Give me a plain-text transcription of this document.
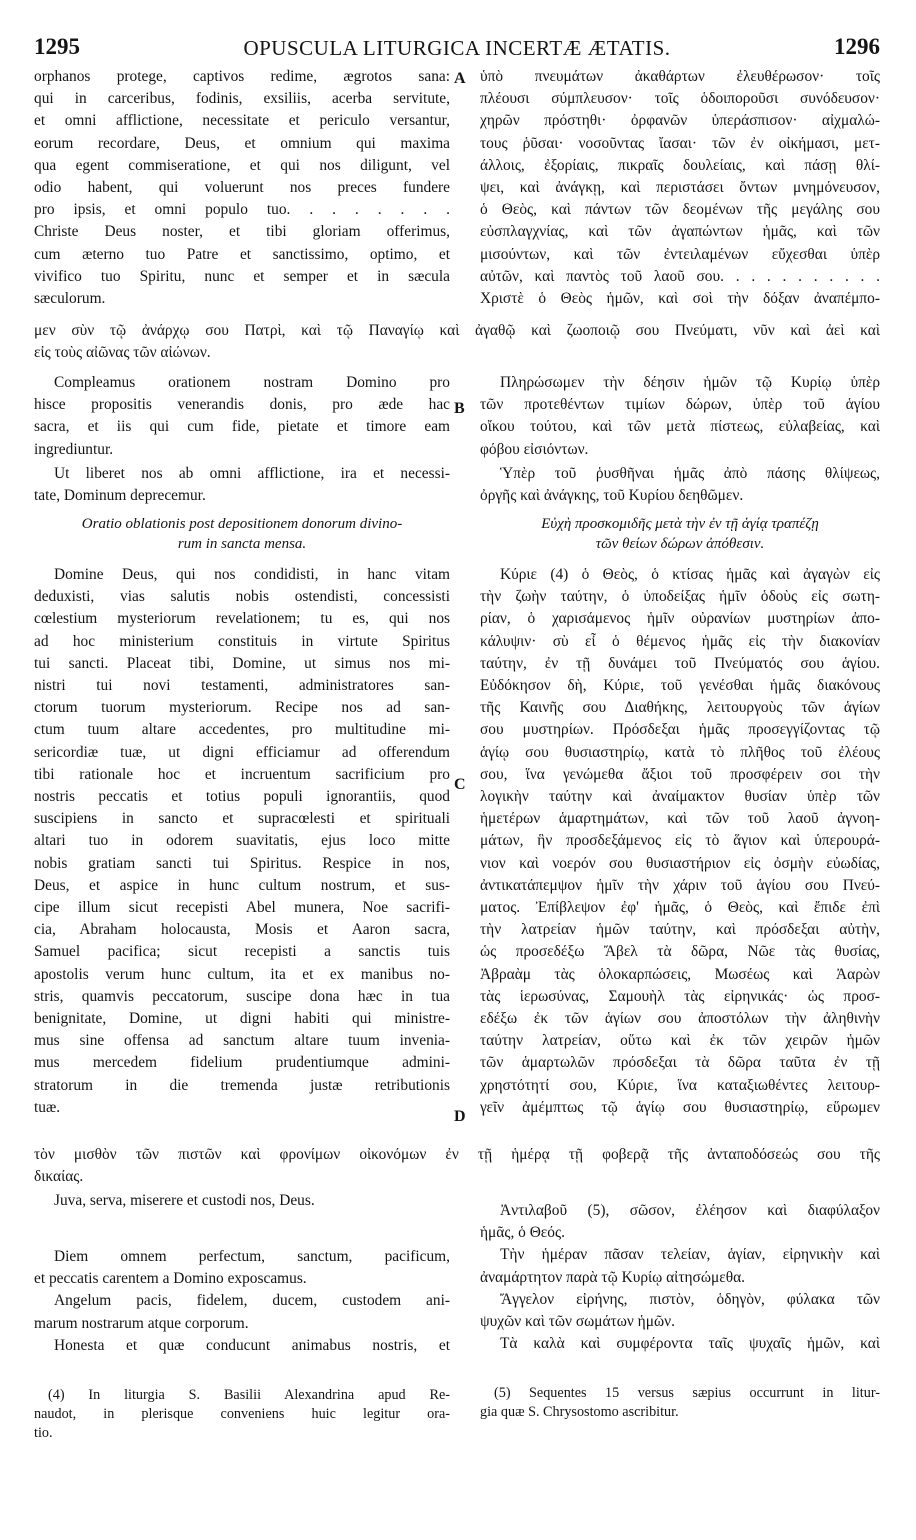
1295	OPUSCULA LITURGICA INCERTÆ ÆTATIS.	1296
A
B
C
D

orphanos protege, captivos redime, ægrotos sana:

qui in carceribus, fodinis, exsiliis, acerba servitute,

et omni afflictione, necessitate et periculo versantur,

eorum recordare, Deus, et omnium qui maxima

qua egent commiseratione, et qui nos diligunt, vel

odio habent, qui voluerunt nos preces fundere

pro ipsis, et omni populo tuo. . . . . . . .

Christe Deus noster, et tibi gloriam offerimus,

cum æterno tuo Patre et sanctissimo, optimo, et

vivifico tuo Spiritu, nunc et semper et in sæcula

sæculorum.

μεν σὺν τῷ ἀνάρχῳ σου Πατρὶ, καὶ τῷ Παναγίῳ καὶ ἀγαθῷ καὶ ζωοποιῷ σου Πνεύματι, νῦν καὶ ἀεὶ καὶ

εἰς τοὺς αἰῶνας τῶν αἰώνων.

Compleamus orationem nostram Domino pro

hisce propositis venerandis donis, pro æde hac

sacra, et iis qui cum fide, pietate et timore eam

ingrediuntur.

Ut liberet nos ab omni afflictione, ira et necessi-

tate, Dominum deprecemur.

Oratio oblationis post depositionem donorum divino-

rum in sancta mensa.

Domine Deus, qui nos condidisti, in hanc vitam

deduxisti, vias salutis nobis ostendisti, concessisti

cœlestium mysteriorum revelationem; tu es, qui nos

ad hoc ministerium constituis in virtute Spiritus

tui sancti. Placeat tibi, Domine, ut simus nos mi-

nistri tui novi testamenti, administratores san-

ctorum tuorum mysteriorum. Recipe nos ad san-

ctum tuum altare accedentes, pro multitudine mi-

sericordiæ tuæ, ut digni efficiamur ad offerendum

tibi rationale hoc et incruentum sacrificium pro

nostris peccatis et totius populi ignorantiis, quod

suscipiens in sancto et supracœlesti et spirituali

altari tuo in odorem suavitatis, ejus loco mitte

nobis gratiam sancti tui Spiritus. Respice in nos,

Deus, et aspice in hunc cultum nostrum, et sus-

cipe illum sicut recepisti Abel munera, Noe sacrifi-

cia, Abraham holocausta, Mosis et Aaron sacra,

Samuel pacifica; sicut recepisti a sanctis tuis

apostolis verum hunc cultum, ita et ex manibus no-

stris, quamvis peccatorum, suscipe dona hæc in tua

benignitate, Domine, ut digni habiti qui ministre-

mus sine offensa ad sanctum altare tuum invenia-

mus mercedem fidelium prudentiumque admini-

stratorum in die tremenda justæ retributionis

tuæ.

τὸν μισθὸν τῶν πιστῶν καὶ φρονίμων οἰκονόμων ἐν τῇ ἡμέρᾳ τῇ φοβερᾷ τῆς ἀνταποδόσεώς σου τῆς

δικαίας.

Juva, serva, miserere et custodi nos, Deus.

Diem omnem perfectum, sanctum, pacificum,

et peccatis carentem a Domino exposcamus.

Angelum pacis, fidelem, ducem, custodem ani-

marum nostrarum atque corporum.

Honesta et quæ conducunt animabus nostris, et

(4) In liturgia S. Basilii Alexandrina apud Re-

naudot, in plerisque conveniens huic legitur ora-

tio.

ὑπὸ πνευμάτων ἀκαθάρτων ἐλευθέρωσον· τοῖς

πλέουσι σύμπλευσον· τοῖς ὁδοιπορoῦσι συνόδευσον·

χηρῶν πρόστηθι· ὀρφανῶν ὑπεράσπισον· αἰχμαλώ-

τους ῥῦσαι· νοσοῦντας ἴασαι· τῶν ἐν οἰκήμασι, μετ-

άλλοις, ἐξορίαις, πικραῖς δουλείαις, καὶ πάσῃ θλί-

ψει, καὶ ἀνάγκῃ, καὶ περιστάσει ὄντων μνημόνευσον,

ὁ Θεὸς, καὶ πάντων τῶν δεομένων τῆς μεγάλης σου

εὐσπλαγχνίας, καὶ τῶν ἀγαπώντων ἡμᾶς, καὶ τῶν

μισούντων, καὶ τῶν ἐντειλαμένων εὔχεσθαι ὑπὲρ

αὐτῶν, καὶ παντὸς τοῦ λαοῦ σου. . . . . . . . . . .

Χριστὲ ὁ Θεὸς ἡμῶν, καὶ σοὶ τὴν δόξαν ἀναπέμπο-

Πληρώσωμεν τὴν δέησιν ἡμῶν τῷ Κυρίῳ ὑπὲρ

τῶν προτεθέντων τιμίων δώρων, ὑπὲρ τοῦ ἁγίου

οἴκου τούτου, καὶ τῶν μετὰ πίστεως, εὐλαβείας, καὶ

φόβου εἰσιόντων.

Ὑπὲρ τοῦ ῥυσθῆναι ἡμᾶς ἀπὸ πάσης θλίψεως,

ὀργῆς καὶ ἀνάγκης, τοῦ Κυρίου δεηθῶμεν.

Εὐχὴ προσκομιδῆς μετὰ τὴν ἐν τῇ ἁγίᾳ τραπέζῃ

τῶν θείων δώρων ἀπόθεσιν.

Κύριε (4) ὁ Θεὸς, ὁ κτίσας ἡμᾶς καὶ ἀγαγὼν εἰς

τὴν ζωὴν ταύτην, ὁ ὑποδείξας ἡμῖν ὁδοὺς εἰς σωτη-

ρίαν, ὁ χαρισάμενος ἡμῖν οὐρανίων μυστηρίων ἀπο-

κάλυψιν· σὺ εἶ ὁ θέμενος ἡμᾶς εἰς τὴν διακονίαν

ταύτην, ἐν τῇ δυνάμει τοῦ Πνεύματός σου ἁγίου.

Εὐδόκησον δὴ, Κύριε, τοῦ γενέσθαι ἡμᾶς διακόνους

τῆς Καινῆς σου Διαθήκης, λειτουργοὺς τῶν ἁγίων

σου μυστηρίων. Πρόσδεξαι ἡμᾶς προσεγγίζοντας τῷ

ἁγίῳ σου θυσιαστηρίῳ, κατὰ τὸ πλῆθος τοῦ ἐλέους

σου, ἵνα γενώμεθα ἄξιοι τοῦ προσφέρειν σοι τὴν

λογικὴν ταύτην καὶ ἀναίμακτον θυσίαν ὑπὲρ τῶν

ἡμετέρων ἁμαρτημάτων, καὶ τῶν τοῦ λαοῦ ἀγνοη-

μάτων, ἣν προσδεξάμενος εἰς τὸ ἅγιον καὶ ὑπερουρά-

νιον καὶ νοερόν σου θυσιαστήριον εἰς ὀσμὴν εὐωδίας,

ἀντικατάπεμψον ἡμῖν τὴν χάριν τοῦ ἁγίου σου Πνεύ-

ματος. Ἐπίβλεψον ἐφ' ἡμᾶς, ὁ Θεὸς, καὶ ἔπιδε ἐπὶ

τὴν λατρείαν ἡμῶν ταύτην, καὶ πρόσδεξαι αὐτὴν,

ὡς προσεδέξω Ἄβελ τὰ δῶρα, Νῶε τὰς θυσίας,

Ἀβραὰμ τὰς ὁλοκαρπώσεις, Μωσέως καὶ Ἀαρὼν

τὰς ἱερωσύνας, Σαμουὴλ τὰς εἰρηνικάς· ὡς προσ-

εδέξω ἐκ τῶν ἁγίων σου ἀποστόλων τὴν ἀληθινὴν

ταύτην λατρείαν, οὕτω καὶ ἐκ τῶν χειρῶν ἡμῶν

τῶν ἁμαρτωλῶν πρόσδεξαι τὰ δῶρα ταῦτα ἐν τῇ

χρηστότητί σου, Κύριε, ἵνα καταξιωθέντες λειτουρ-

γεῖν ἀμέμπτως τῷ ἁγίῳ σου θυσιαστηρίῳ, εὕρωμεν

Ἀντιλαβοῦ (5), σῶσον, ἐλέησον καὶ διαφύλαξον

ἡμᾶς, ὁ Θεός.

Τὴν ἡμέραν πᾶσαν τελείαν, ἁγίαν, εἰρηνικὴν καὶ

ἀναμάρτητον παρὰ τῷ Κυρίῳ αἰτησώμεθα.

Ἄγγελον εἰρήνης, πιστὸν, ὁδηγὸν, φύλακα τῶν

ψυχῶν καὶ τῶν σωμάτων ἡμῶν.

Τὰ καλὰ καὶ συμφέροντα ταῖς ψυχαῖς ἡμῶν, καὶ

(5) Sequentes 15 versus sæpius occurrunt in litur-

gia quæ S. Chrysostomo ascribitur.
